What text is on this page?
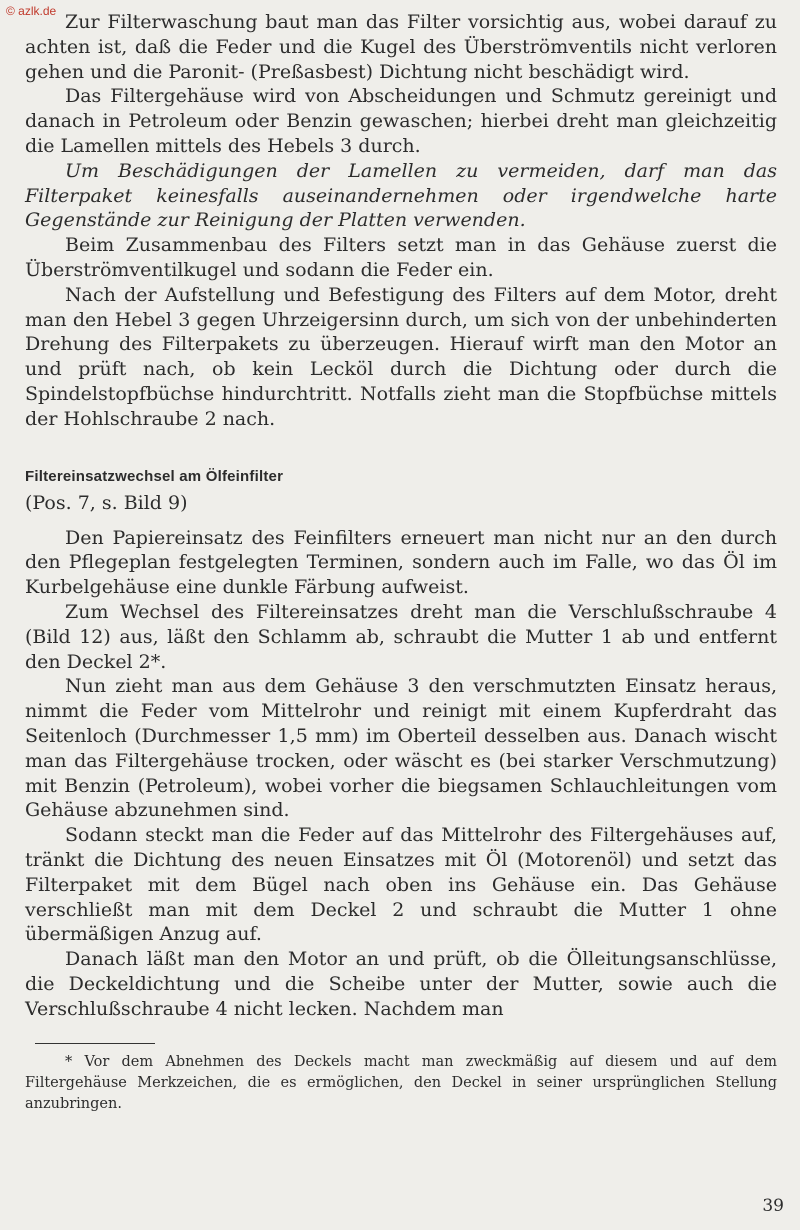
© azlk.de Zur Filterwaschung baut man das Filter vorsichtig aus, wobei darauf zu achten ist, daß die Feder und die Kugel des Überströmventils nicht verloren gehen und die Paronit- (Preßasbest) Dichtung nicht beschädigt wird.

Das Filtergehäuse wird von Abscheidungen und Schmutz gereinigt und danach in Petroleum oder Benzin gewaschen; hierbei dreht man gleichzeitig die Lamellen mittels des Hebels 3 durch.

Um Beschädigungen der Lamellen zu vermeiden, darf man das Filterpaket keinesfalls auseinandernehmen oder irgendwelche harte Gegenstände zur Reinigung der Platten verwenden.

Beim Zusammenbau des Filters setzt man in das Gehäuse zuerst die Überströmventilkugel und sodann die Feder ein.

Nach der Aufstellung und Befestigung des Filters auf dem Motor, dreht man den Hebel 3 gegen Uhrzeigersinn durch, um sich von der unbehinderten Drehung des Filterpakets zu überzeugen. Hierauf wirft man den Motor an und prüft nach, ob kein Lecköl durch die Dichtung oder durch die Spindelstopfbüchse hindurchtritt. Notfalls zieht man die Stopfbüchse mittels der Hohlschraube 2 nach.

Filtereinsatzwechsel am Ölfeinfilter
(Pos. 7, s. Bild 9)

Den Papiereinsatz des Feinfilters erneuert man nicht nur an den durch den Pflegeplan festgelegten Terminen, sondern auch im Falle, wo das Öl im Kurbelgehäuse eine dunkle Färbung aufweist.

Zum Wechsel des Filtereinsatzes dreht man die Verschlußschraube 4 (Bild 12) aus, läßt den Schlamm ab, schraubt die Mutter 1 ab und entfernt den Deckel 2*.

Nun zieht man aus dem Gehäuse 3 den verschmutzten Einsatz heraus, nimmt die Feder vom Mittelrohr und reinigt mit einem Kupferdraht das Seitenloch (Durchmesser 1,5 mm) im Oberteil desselben aus. Danach wischt man das Filtergehäuse trocken, oder wäscht es (bei starker Verschmutzung) mit Benzin (Petroleum), wobei vorher die biegsamen Schlauchleitungen vom Gehäuse abzunehmen sind.

Sodann steckt man die Feder auf das Mittelrohr des Filtergehäuses auf, tränkt die Dichtung des neuen Einsatzes mit Öl (Motorenöl) und setzt das Filterpaket mit dem Bügel nach oben ins Gehäuse ein. Das Gehäuse verschließt man mit dem Deckel 2 und schraubt die Mutter 1 ohne übermäßigen Anzug auf.

Danach läßt man den Motor an und prüft, ob die Ölleitungsanschlüsse, die Deckeldichtung und die Scheibe unter der Mutter, sowie auch die Verschlußschraube 4 nicht lecken. Nachdem man

* Vor dem Abnehmen des Deckels macht man zweckmäßig auf diesem und auf dem Filtergehäuse Merkzeichen, die es ermöglichen, den Deckel in seiner ursprünglichen Stellung anzubringen.

39
